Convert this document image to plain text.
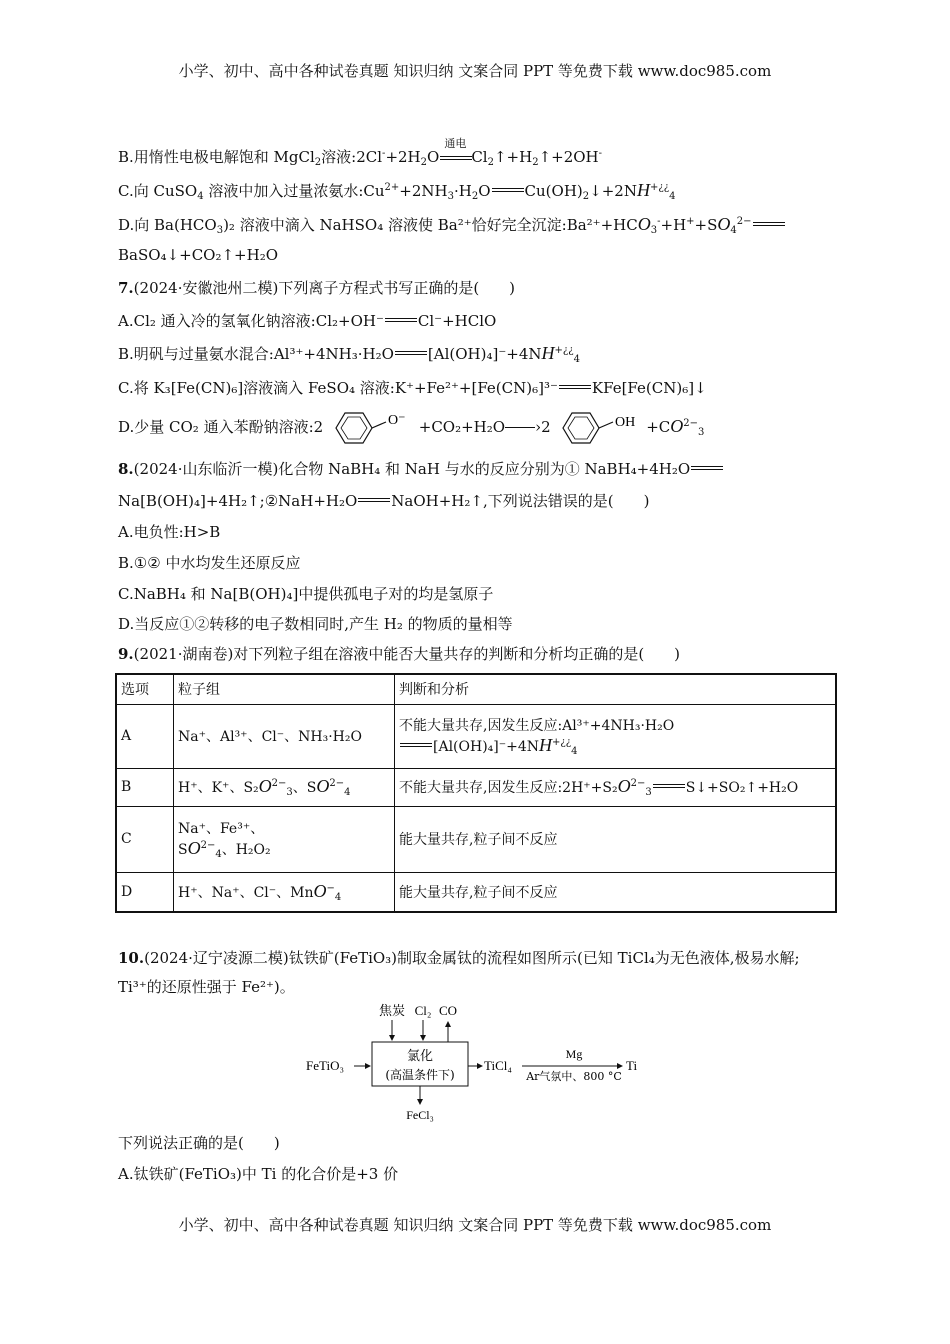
小学、初中、高中各种试卷真题 知识归纳 文案合同 PPT 等免费下载 www.doc985.com
B.用惰性电极电解饱和 MgCl$_2$溶液$:2Cl^-+2H_2O$
通电
$Cl_2↑+H_2↑+2OH^-$
C.向 CuSO$_4$ 溶液中加入过量浓氨水$:Cu^{2+}+2NH_3\cdot H_2O$ $Cu(OH)_2↓+2NH^{+¿¿}_4$
D.向 $Ba(HCO_3)_2$ 溶液中滴入 NaHSO₄ 溶液使 Ba²⁺恰好完全沉淀$:Ba^{2+}+HCO_3^-+H^++SO_4^{2-}$
BaSO₄↓+CO₂↑+H₂O
7.(2024·安徽池州二模)下列离子方程式书写正确的是(　　)
A.Cl₂ 通入冷的氢氧化钠溶液:Cl₂+OH⁻ Cl⁻+HClO
B.明矾与过量氨水混合:Al³⁺+4NH₃·H₂O $[Al(OH)_4]^-+4NH^{+¿¿}_4$
C.将 K₃[Fe(CN)₆]溶液滴入 FeSO₄ 溶液:K⁺+Fe²⁺+[Fe(CN)₆]³⁻ KFe[Fe(CN)₆]↓
D.少量 CO₂ 通入苯酚钠溶液:2	O⁻ +CO₂+H₂O ›2	OH $+CO^{2-}_3$
8.(2024·山东临沂一模)化合物 NaBH₄ 和 NaH 与水的反应分别为① NaBH₄+4H₂O
Na[B(OH)₄]+4H₂↑;②NaH+H₂O NaOH+H₂↑,下列说法错误的是(　　)
A.电负性:H>B
B.①② 中水均发生还原反应
C.NaBH₄ 和 Na[B(OH)₄]中提供孤电子对的均是氢原子
D.当反应①②转移的电子数相同时,产生 H₂ 的物质的量相等
9.(2021·湖南卷)对下列粒子组在溶液中能否大量共存的判断和分析均正确的是(　　)
选项	粒子组	判断和分析
A	Na⁺、Al³⁺、Cl⁻、NH₃·H₂O	不能大量共存,因发生反应:Al³⁺+4NH₃·H₂O
$[Al(OH)_4]^-+4NH^{+¿¿}_4$

B	H⁺、K⁺、$S_2O^{2-}_3$、$SO^{2-}_4$	不能大量共存,因发生反应$:2H^++S_2O^{2-}_3$ S↓+SO₂↑+H₂O
C	Na⁺、Fe³⁺、
$SO^{2-}_4$、H₂O₂	能大量共存,粒子间不反应
D	H⁺、Na⁺、Cl⁻、MnO−$_4$	能大量共存,粒子间不反应
10.(2024·辽宁凌源二模)钛铁矿(FeTiO₃)制取金属钛的流程如图所示(已知 TiCl₄为无色液体,极易水解;
Ti³⁺的还原性强于 Fe²⁺)。
焦炭 Cl₂ CO
氯化
(高温条件下)
FeTiO₃	TiCl₄
Mg
Ar气氛中、800 °C
Ti
FeCl₃
下列说法正确的是(　　)
A.钛铁矿(FeTiO₃)中 Ti 的化合价是+3 价
小学、初中、高中各种试卷真题 知识归纳 文案合同 PPT 等免费下载 www.doc985.com
